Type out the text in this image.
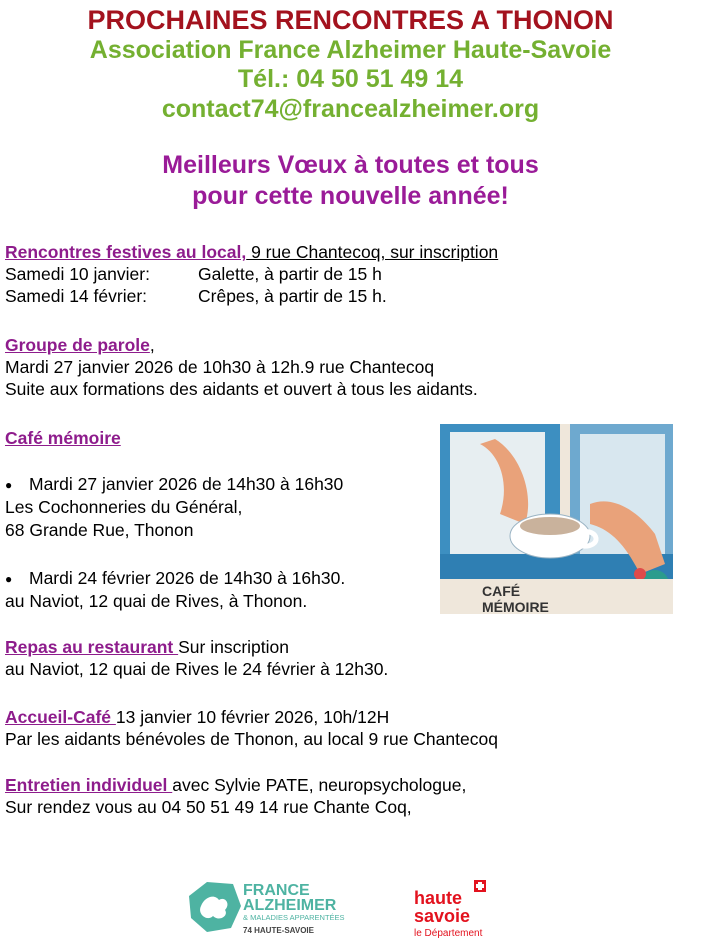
PROCHAINES RENCONTRES A THONON
Association France Alzheimer Haute-Savoie
Tél.: 04 50 51 49 14
contact74@francealzheimer.org
Meilleurs Vœux à toutes et tous
pour cette nouvelle année!
Rencontres festives au local, 9 rue Chantecoq, sur inscription
Samedi 10 janvier:	Galette, à partir de 15 h
Samedi 14 février:	Crêpes, à partir de 15 h.
Groupe de parole,
Mardi 27 janvier 2026 de 10h30 à 12h.9 rue Chantecoq
Suite aux formations des aidants et ouvert à tous les aidants.
Café mémoire
● Mardi 27 janvier 2026 de 14h30 à 16h30
Les Cochonneries du Général,
68 Grande Rue, Thonon
● Mardi 24 février 2026 de 14h30 à 16h30.
au Naviot, 12 quai de Rives, à Thonon.	CAFÉ
MÉMOIRE
Repas au restaurant Sur inscription
au Naviot, 12 quai de Rives le 24 février à 12h30.
Accueil-Café 13 janvier 10 février 2026, 10h/12H
Par les aidants bénévoles de Thonon, au local 9 rue Chantecoq
Entretien individuel avec Sylvie PATE, neuropsychologue,
Sur rendez vous au 04 50 51 49 14 rue Chante Coq,
FRANCE
ALZHEIMER
& MALADIES APPARENTÉES
74 HAUTE-SAVOIE
haute
savoie
le Département
